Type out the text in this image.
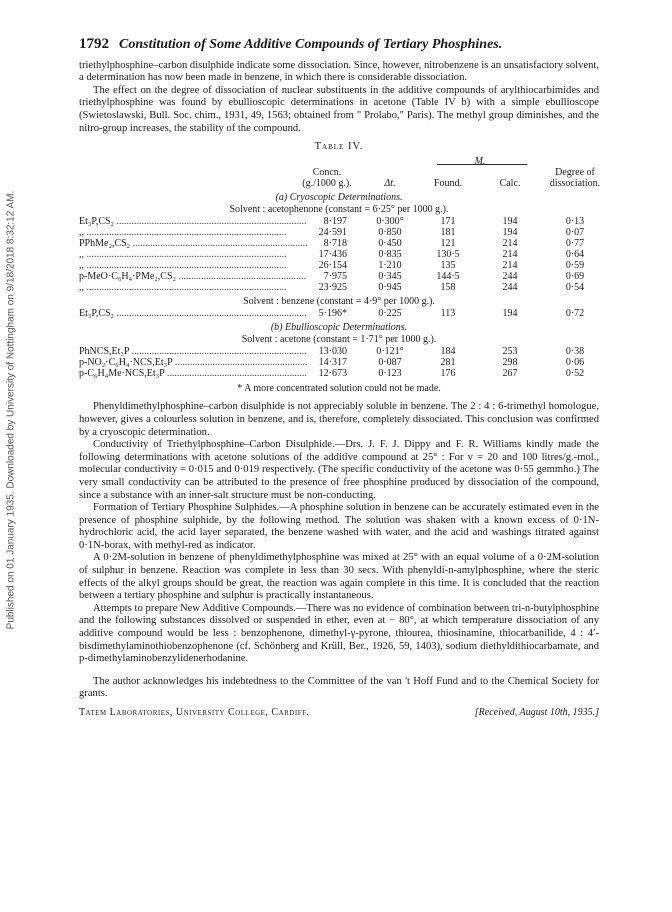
Published on 01 January 1935. Downloaded by University of Nottingham on 9/18/2018 8:32:12 AM.
1792 Constitution of Some Additive Compounds of Tertiary Phosphines.

triethylphosphine–carbon disulphide indicate some dissociation. Since, however, nitrobenzene is an unsatisfactory solvent, a determination has now been made in benzene, in which there is considerable dissociation.

The effect on the degree of dissociation of nuclear substituents in the additive compounds of arylthiocarbimides and triethylphosphine was found by ebullioscopic determinations in acetone (Table IV b) with a simple ebullioscope (Swietoslawski, Bull. Soc. chim., 1931, 49, 1563; obtained from " Prolabo," Paris). The methyl group diminishes, and the nitro-group increases, the stability of the compound.

Table IV.
Concn.
(g./1000 g.).	Δt.
M.
Found.	Calc.
Degree of
dissociation.
(a) Cryoscopic Determinations.
Solvent : acetophenone (constant = 6·25° per 1000 g.).
Et₃P,CS₂ .....	8·197	0·300°	171	194	0·13
,, .....	24·591	0·850	181	194	0·07
PPhMe₂,CS₂ .....	8·718	0·450	121	214	0·77
,, .....	17·436	0·835	130·5	214	0·64
,, .....	26·154	1·210	135	214	0·59
p-MeO·C₆H₄·PMe₂,CS₂ .....	7·975	0·345	144·5	244	0·69
,, .....	23·925	0·945	158	244	0·54
Solvent : benzene (constant = 4·9° per 1000 g.).
Et₃P,CS₂ .....	5·196*	0·225	113	194	0·72
(b) Ebullioscopic Determinations.
Solvent : acetone (constant = 1·71° per 1000 g.).
PhNCS,Et₃P .....	13·030	0·121°	184	253	0·38
p-NO₂·C₆H₄·NCS,Et₃P .....	14·317	0·087	281	298	0·06
p-C₆H₄Me·NCS,Et₃P .....	12·673	0·123	176	267	0·52
* A more concentrated solution could not be made.

Phenyldimethylphosphine–carbon disulphide is not appreciably soluble in benzene. The 2 : 4 : 6-trimethyl homologue, however, gives a colourless solution in benzene, and is, therefore, completely dissociated. This conclusion was confirmed by a cryoscopic determination.

Conductivity of Triethylphosphine–Carbon Disulphide.—Drs. J. F. J. Dippy and F. R. Williams kindly made the following determinations with acetone solutions of the additive compound at 25° : For v = 20 and 100 litres/g.-mol., molecular conductivity = 0·015 and 0·019 respectively. (The specific conductivity of the acetone was 0·55 gemmho.) The very small conductivity can be attributed to the presence of free phosphine produced by dissociation of the compound, since a substance with an inner-salt structure must be non-conducting.

Formation of Tertiary Phosphine Sulphides.—A phosphine solution in benzene can be accurately estimated even in the presence of phosphine sulphide, by the following method. The solution was shaken with a known excess of 0·1N-hydrochloric acid, the acid layer separated, the benzene washed with water, and the acid and washings titrated against 0·1N-borax, with methyl-red as indicator.

A 0·2M-solution in benzene of phenyldimethylphosphine was mixed at 25° with an equal volume of a 0·2M-solution of sulphur in benzene. Reaction was complete in less than 30 secs. With phenyldi-n-amylphosphine, where the steric effects of the alkyl groups should be great, the reaction was again complete in this time. It is concluded that the reaction between a tertiary phosphine and sulphur is practically instantaneous.

Attempts to prepare New Additive Compounds.—There was no evidence of combination between tri-n-butylphosphine and the following substances dissolved or suspended in ether, even at − 80°, at which temperature dissociation of any additive compound would be less : benzophenone, dimethyl-γ-pyrone, thiourea, thiosinamine, thiocarbanilide, 4 : 4′-bisdimethylaminothiobenzophenone (cf. Schönberg and Krüll, Ber., 1926, 59, 1403), sodium diethyldithiocarbamate, and p-dimethylaminobenzylidenerhodanine.

The author acknowledges his indebtedness to the Committee of the van 't Hoff Fund and to the Chemical Society for grants.

Tatem Laboratories, University College, Cardiff.	[Received, August 10th, 1935.]
